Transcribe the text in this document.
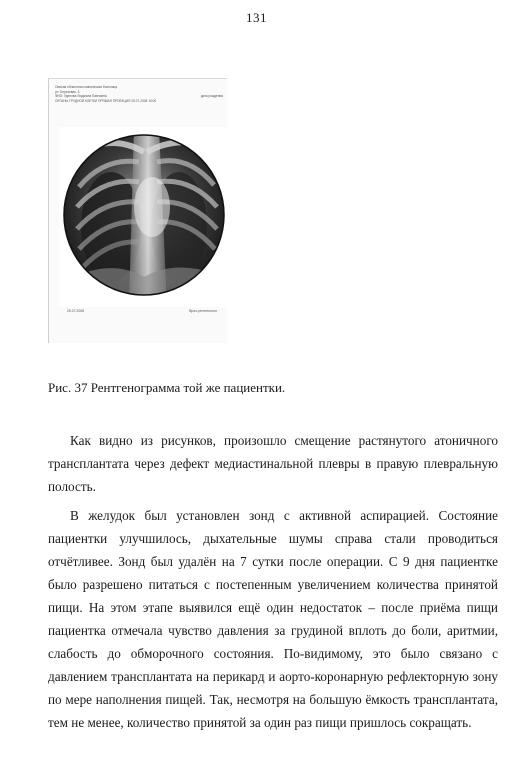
131
Омская областная клиническая больница
ул. Березовая, 3
ФИО: Уделова Людмила Павловна	дата рождения
ОРГАНЫ ГРУДНОЙ КЛЕТКИ ПРЯМАЯ ПРОЕКЦИЯ 25.07.2008 10:00
25.07.2008	Врач-рентгенолог
Рис. 37 Рентгенограмма той же пациентки.

Как видно из рисунков, произошло смещение растянутого атоничного трансплантата через дефект медиастинальной плевры в правую плевральную полость.

В желудок был установлен зонд с активной аспирацией. Состояние пациентки улучшилось, дыхательные шумы справа стали проводиться отчётливее. Зонд был удалён на 7 сутки после операции. С 9 дня пациентке было разрешено питаться с постепенным увеличением количества принятой пищи. На этом этапе выявился ещё один недостаток – после приёма пищи пациентка отмечала чувство давления за грудиной вплоть до боли, аритмии, слабость до обморочного состояния. По-видимому, это было связано с давлением трансплантата на перикард и аорто-коронарную рефлекторную зону по мере наполнения пищей. Так, несмотря на большую ёмкость трансплантата, тем не менее, количество принятой за один раз пищи пришлось сокращать.
